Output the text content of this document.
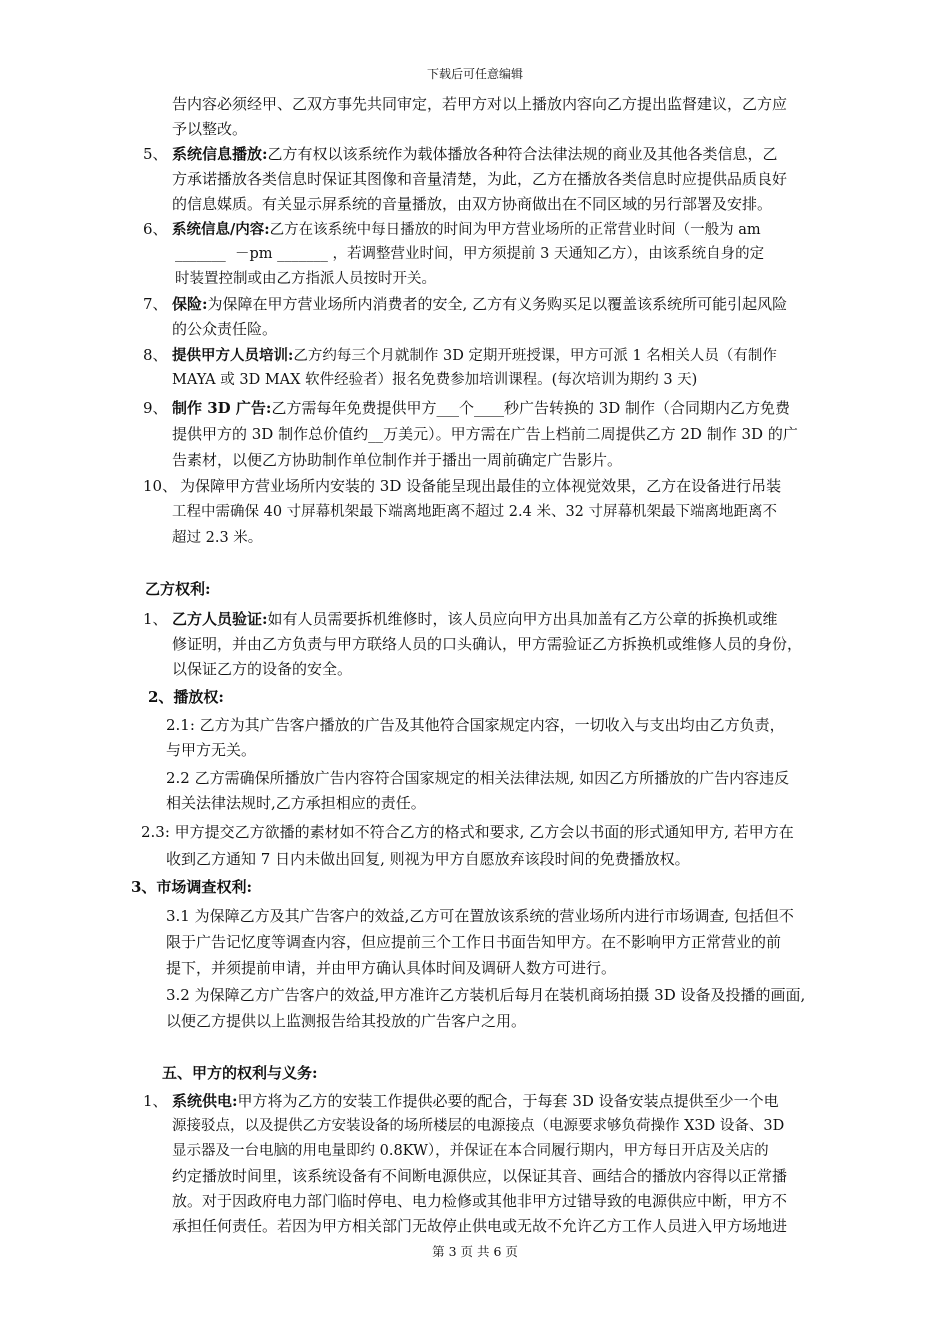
下载后可任意编辑
告内容必须经甲、乙双方事先共同审定，若甲方对以上播放内容向乙方提出监督建议，乙方应
予以整改。
5、 系统信息播放:乙方有权以该系统作为载体播放各种符合法律法规的商业及其他各类信息，乙
方承诺播放各类信息时保证其图像和音量清楚，为此，乙方在播放各类信息时应提供品质良好
的信息媒质。有关显示屏系统的音量播放，由双方协商做出在不同区域的另行部署及安排。
6、 系统信息/内容:乙方在该系统中每日播放的时间为甲方营业场所的正常营业时间（一般为 am
_______  －pm _______ ，若调整营业时间，甲方须提前 3 天通知乙方），由该系统自身的定
时装置控制或由乙方指派人员按时开关。
7、 保险:为保障在甲方营业场所内消费者的安全, 乙方有义务购买足以覆盖该系统所可能引起风险
的公众责任险。
8、 提供甲方人员培训:乙方约每三个月就制作 3D 定期开班授课，甲方可派 1 名相关人员（有制作
MAYA 或 3D MAX 软件经验者）报名免费参加培训课程。(每次培训为期约 3 天)
9、 制作 3D 广告:乙方需每年免费提供甲方___个____秒广告转换的 3D 制作（合同期内乙方免费
提供甲方的 3D 制作总价值约__万美元）。甲方需在广告上档前二周提供乙方 2D 制作 3D 的广
告素材，以便乙方协助制作单位制作并于播出一周前确定广告影片。
10、 为保障甲方营业场所内安装的 3D 设备能呈现出最佳的立体视觉效果，乙方在设备进行吊装
工程中需确保 40 寸屏幕机架最下端离地距离不超过 2.4 米、32 寸屏幕机架最下端离地距离不
超过 2.3 米。
乙方权利:
1、 乙方人员验证:如有人员需要拆机维修时，该人员应向甲方出具加盖有乙方公章的拆换机或维
修证明，并由乙方负责与甲方联络人员的口头确认，甲方需验证乙方拆换机或维修人员的身份，
以保证乙方的设备的安全。
2、播放权:
2.1: 乙方为其广告客户播放的广告及其他符合国家规定内容，一切收入与支出均由乙方负责，
与甲方无关。
2.2 乙方需确保所播放广告内容符合国家规定的相关法律法规, 如因乙方所播放的广告内容违反
相关法律法规时,乙方承担相应的责任。
2.3: 甲方提交乙方欲播的素材如不符合乙方的格式和要求, 乙方会以书面的形式通知甲方, 若甲方在
收到乙方通知 7 日内未做出回复, 则视为甲方自愿放弃该段时间的免费播放权。
3、市场调查权利:
3.1 为保障乙方及其广告客户的效益,乙方可在置放该系统的营业场所内进行市场调查, 包括但不
限于广告记忆度等调查内容，但应提前三个工作日书面告知甲方。在不影响甲方正常营业的前
提下，并须提前申请，并由甲方确认具体时间及调研人数方可进行。
3.2 为保障乙方广告客户的效益,甲方准许乙方装机后每月在装机商场拍摄 3D 设备及投播的画面,
以便乙方提供以上监测报告给其投放的广告客户之用。
五、甲方的权利与义务:
1、 系统供电:甲方将为乙方的安装工作提供必要的配合，于每套 3D 设备安装点提供至少一个电
源接驳点，以及提供乙方安装设备的场所楼层的电源接点（电源要求够负荷操作 X3D 设备、3D
显示器及一台电脑的用电量即约 0.8KW），并保证在本合同履行期内，甲方每日开店及关店的
约定播放时间里，该系统设备有不间断电源供应，以保证其音、画结合的播放内容得以正常播
放。对于因政府电力部门临时停电、电力检修或其他非甲方过错导致的电源供应中断，甲方不
承担任何责任。若因为甲方相关部门无故停止供电或无故不允许乙方工作人员进入甲方场地进
第 3 页 共 6 页
